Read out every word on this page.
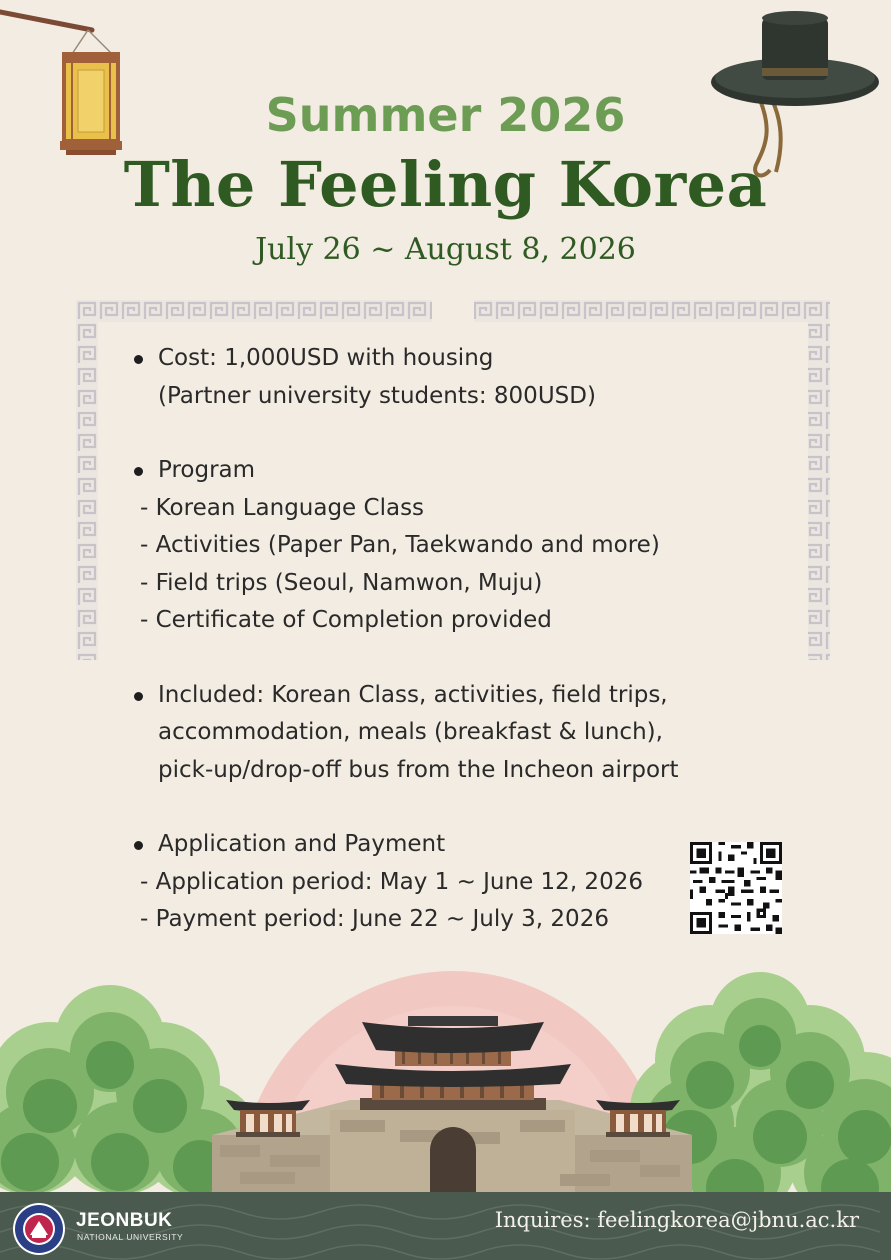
Summer 2026
The Feeling Korea
July 26 ~ August 8, 2026
Cost: 1,000USD with housing
(Partner university students: 800USD)
Program
- Korean Language Class
- Activities (Paper Pan, Taekwando and more)
- Field trips (Seoul, Namwon, Muju)
- Certificate of Completion provided
Included: Korean Class, activities, field trips,
accommodation, meals (breakfast & lunch),
pick-up/drop-off bus from the Incheon airport
Application and Payment
- Application period: May 1 ~ June 12, 2026
- Payment period: June 22 ~ July 3, 2026
JEONBUK
NATIONAL UNIVERSITY
Inquires: feelingkorea@jbnu.ac.kr
